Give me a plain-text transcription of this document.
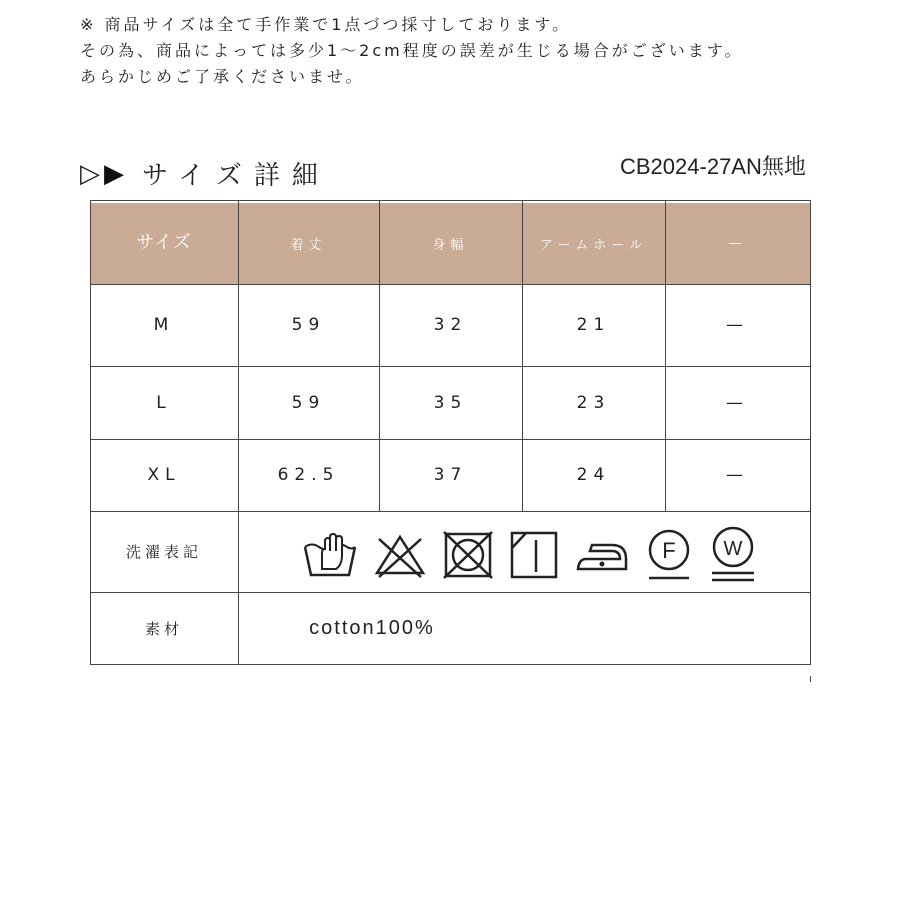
※ 商品サイズは全て手作業で1点づつ採寸しております。
その為、商品によっては多少1～2cm程度の誤差が生じる場合がございます。
あらかじめご了承くださいませ。
▷ ▶ サイズ詳細	CB2024-27AN無地
サイズ	着丈	身幅	アームホール	—
M	59	32	21	—
L	59	35	23	—
XL	62.5	37	24	—
洗濯表記	F W
素材	cotton100%
